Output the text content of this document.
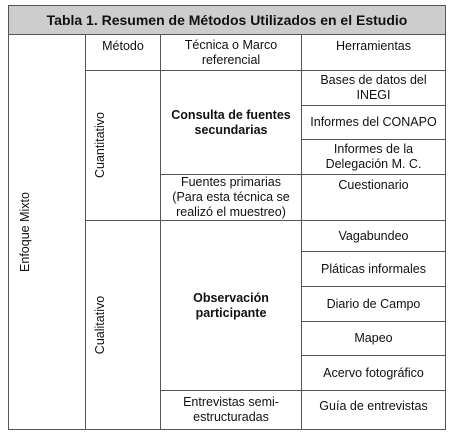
Tabla 1. Resumen de Métodos Utilizados en el Estudio
Enfoque Mixto
Cuantitativo
Cualitativo
Método	Técnica o Marco referencial
Herramientas
Consulta de fuentes secundarias
Fuentes primarias (Para esta técnica se realizó el muestreo)
Observación participante
Entrevistas semi-estructuradas
Bases de datos del INEGI
Informes del CONAPO
Informes de la Delegación M. C.
Cuestionario
Vagabundeo
Pláticas informales
Diario de Campo
Mapeo
Acervo fotográfico
Guía de entrevistas
